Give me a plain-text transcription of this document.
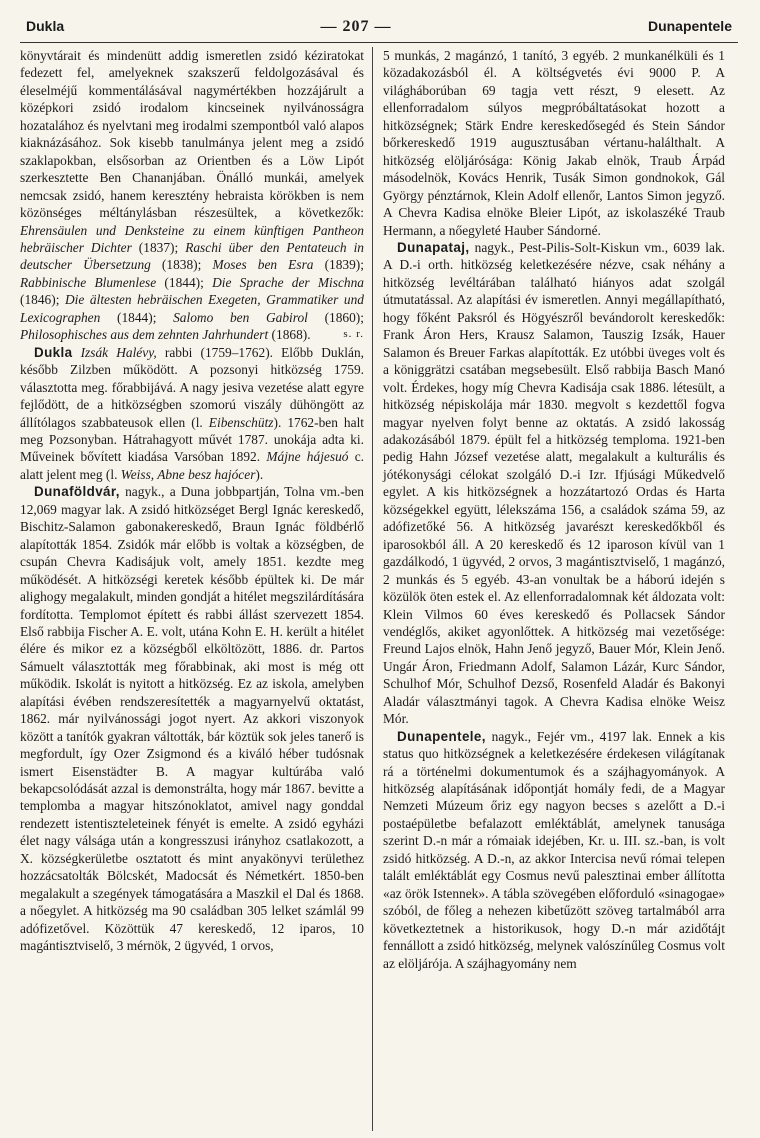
Dukla	— 207 —	Dunapentele

könyvtárait és mindenütt addig ismeretlen zsidó kéziratokat fedezett fel, amelyeknek szakszerű feldolgozásával és éleselméjű kommentálásával nagymértékben hozzájárult a középkori zsidó irodalom kincseinek nyilvánosságra hozatalához és nyelvtani meg irodalmi szempontból való alapos kiaknázásához. Sok kisebb tanulmánya jelent meg a zsidó szaklapokban, elsősorban az Orientben és a Löw Lipót szerkesztette Ben Chananjában. Önálló munkái, amelyek nemcsak zsidó, hanem keresztény hebraista körökben is nem közönséges méltánylásban részesültek, a következők: Ehrensäulen und Denksteine zu einem künftigen Pantheon hebräischer Dichter (1837); Raschi über den Pentateuch in deutscher Übersetzung (1838); Moses ben Esra (1839); Rabbinische Blumenlese (1844); Die Sprache der Mischna (1846); Die ältesten hebräischen Exegeten, Grammatiker und Lexicographen (1844); Salomo ben Gabirol (1860); Philosophisches aus dem zehnten Jahrhundert (1868).	s. r.

Dukla Izsák Halévy, rabbi (1759–1762). Előbb Duklán, később Zilzben működött. A pozsonyi hitközség 1759. választotta meg. főrabbijává. A nagy jesiva vezetése alatt egyre fejlődött, de a hitközségben szomorú viszály dühöngött az állítólagos szabbateusok ellen (l. Eibenschütz). 1762-ben halt meg Pozsonyban. Hátrahagyott művét 1787. unokája adta ki. Műveinek bővített kiadása Varsóban 1892. Májne hájesuó c. alatt jelent meg (l. Weiss, Abne besz hajócer).

Dunaföldvár, nagyk., a Duna jobbpartján, Tolna vm.-ben 12,069 magyar lak. A zsidó hitközséget Bergl Ignác kereskedő, Bischitz-Salamon gabonakereskedő, Braun Ignác földbérlő alapították 1854. Zsidók már előbb is voltak a községben, de csupán Chevra Kadisájuk volt, amely 1851. kezdte meg működését. A hitközségi keretek később épültek ki. De már alighogy megalakult, minden gondját a hitélet megszilárdítására fordította. Templomot épített és rabbi állást szervezett 1854. Első rabbija Fischer A. E. volt, utána Kohn E. H. került a hitélet élére és mikor ez a községből elköltözött, 1886. dr. Partos Sámuelt választották meg főrabbinak, aki most is még ott működik. Iskolát is nyitott a hitközség. Ez az iskola, amelyben alapítási évében rendszeresítették a magyarnyelvű oktatást, 1862. már nyilvánossági jogot nyert. Az akkori viszonyok között a tanítók gyakran váltották, bár köztük sok jeles tanerő is megfordult, így Ozer Zsigmond és a kiváló héber tudósnak ismert Eisenstädter B. A magyar kultúrába való bekapcsolódását azzal is demonstrálta, hogy már 1867. bevitte a templomba a magyar hitszónoklatot, amivel nagy gonddal rendezett istentiszteleteinek fényét is emelte. A zsidó egyházi élet nagy válsága után a kongresszusi irányhoz csatlakozott, a X. községkerületbe osztatott és mint anyakönyvi területhez hozzácsatolták Bölcskét, Madocsát és Németkért. 1850-ben megalakult a szegények támogatására a Maszkil el Dal és 1868. a nőegylet. A hitközség ma 90 családban 305 lelket számlál 99 adófizetővel. Közöttük 47 kereskedő, 12 iparos, 10 magántisztviselő, 3 mérnök, 2 ügyvéd, 1 orvos,

5 munkás, 2 magánzó, 1 tanító, 3 egyéb. 2 munkanélküli és 1 közadakozásból él. A költségvetés évi 9000 P. A világháborúban 69 tagja vett részt, 9 elesett. Az ellenforradalom súlyos megpróbáltatásokat hozott a hitközségnek; Stärk Endre kereskedősegéd és Stein Sándor bőrkereskedő 1919 augusztusában vértanu-halálthalt. A hitközség elöljárósága: König Jakab elnök, Traub Árpád másodelnök, Kovács Henrik, Tusák Simon gondnokok, Gál György pénztárnok, Klein Adolf ellenőr, Lantos Simon jegyző. A Chevra Kadisa elnöke Bleier Lipót, az iskolaszéké Traub Hermann, a nőegyleté Hauber Sándorné.

Dunapataj, nagyk., Pest-Pilis-Solt-Kiskun vm., 6039 lak. A D.-i orth. hitközség keletkezésére nézve, csak néhány a hitközség levéltárában található hiányos adat szolgál útmutatással. Az alapítási év ismeretlen. Annyi megállapítható, hogy főként Paksról és Högyészről bevándorolt kereskedők: Frank Áron Hers, Krausz Salamon, Tauszig Izsák, Hauer Salamon és Breuer Farkas alapították. Ez utóbbi üveges volt és a königgrätzi csatában megsebesült. Első rabbija Basch Manó volt. Érdekes, hogy míg Chevra Kadisája csak 1886. létesült, a hitközség népiskolája már 1830. megvolt s kezdettől fogva magyar nyelven folyt benne az oktatás. A zsidó lakosság adakozásából 1879. épült fel a hitközség temploma. 1921-ben pedig Hahn József vezetése alatt, megalakult a kulturális és jótékonysági célokat szolgáló D.-i Izr. Ifjúsági Műkedvelő egylet. A kis hitközségnek a hozzátartozó Ordas és Harta községekkel együtt, lélekszáma 156, a családok száma 59, az adófizetőké 56. A hitközség javarészt kereskedőkből és iparosokból áll. A 20 kereskedő és 12 iparoson kívül van 1 gazdálkodó, 1 ügyvéd, 2 orvos, 3 magántisztviselő, 1 magánzó, 2 munkás és 5 egyéb. 43-an vonultak be a háború idején s közülök öten estek el. Az ellenforradalomnak két áldozata volt: Klein Vilmos 60 éves kereskedő és Pollacsek Sándor vendéglős, akiket agyonlőttek. A hitközség mai vezetősége: Freund Lajos elnök, Hahn Jenő jegyző, Bauer Mór, Klein Jenő. Ungár Áron, Friedmann Adolf, Salamon Lázár, Kurc Sándor, Schulhof Mór, Schulhof Dezső, Rosenfeld Aladár és Bakonyi Aladár választmányi tagok. A Chevra Kadisa elnöke Weisz Mór.

Dunapentele, nagyk., Fejér vm., 4197 lak. Ennek a kis status quo hitközségnek a keletkezésére érdekesen világítanak rá a történelmi dokumentumok és a szájhagyományok. A hitközség alapításának időpontját homály fedi, de a Magyar Nemzeti Múzeum őriz egy nagyon becses s azelőtt a D.-i postaépületbe befalazott emléktáblát, amelynek tanusága szerint D.-n már a rómaiak idejében, Kr. u. III. sz.-ban, is volt zsidó hitközség. A D.-n, az akkor Intercisa nevű római telepen talált emléktáblát egy Cosmus nevű palesztinai ember állította «az örök Istennek». A tábla szövegében előforduló «sinagogae» szóból, de főleg a nehezen kibetűzött szöveg tartalmából arra következtetnek a historikusok, hogy D.-n már azidőtájt fennállott a zsidó hitközség, melynek valószínűleg Cosmus volt az elöljárója. A szájhagyomány nem
